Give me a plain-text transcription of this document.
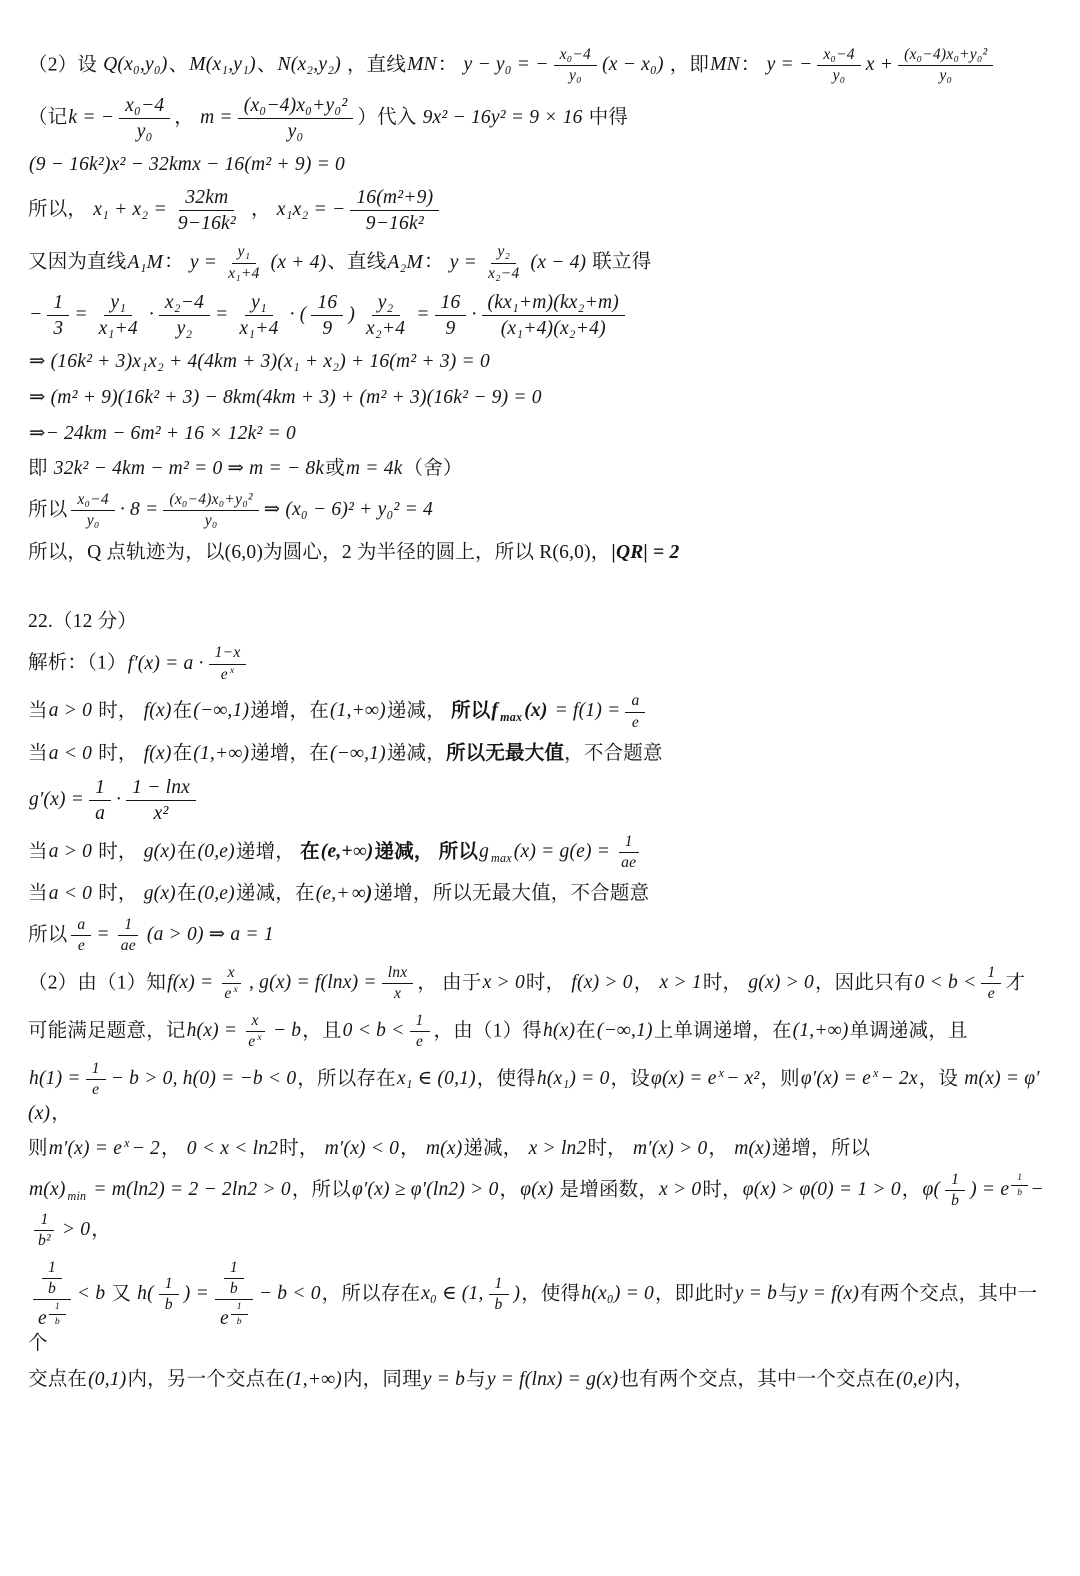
（2）设 Q(x₀,y₀)、M(x₁,y₁)、N(x₂,y₂) ，直线MN： y − y₀ = − $\frac{\text{x₀−4}}{\text{y₀}} (x - x_0)$ ，即MN： y = − $\frac{\text{x₀−4}}{\text{y₀}}$ $x + \frac{\text{(x₀−4)x₀+y₀²}}{\text{y₀}}$
（记k = − $\frac{\text{x₀−4}}{\text{y₀}}$ ， $m = \frac{\text{(x₀−4)x₀+y₀²}}{\text{y₀}}$ ）代入 9x² − 16y² = 9 × 16 中得
(9 − 16k²)x² − 32kmx − 16(m² + 9) = 0
所以， $x_1 + x_2 = \frac{32km}{\text{9−16k²}}$ ， x₁x₂ = − $\frac{\text{16(m²+9)}}{\text{9−16k²}}$
又因为直线A₁M： $y = \frac{\text{y₁}}{\text{x₁+4}} (x + 4)$、直线A₂M： $y = \frac{\text{y₂}}{\text{x₂−4}} (x - 4)$ 联立得
− $\frac{1}{3} = \frac{\text{y₁}}{\text{x₁+4}} \cdot \frac{\text{x₂−4}}{\text{y₂}} = \frac{\text{y₁}}{\text{x₁+4}}$ · ( $\frac{16}{9}$ ) $\frac{\text{y₂}}{\text{x₂+4}} = \frac{16}{9} \cdot \frac{\text{(kx₁+m)(kx₂+m)}}{\text{(x₁+4)(x₂+4)}}$
⇒ (16k² + 3)x₁x₂ + 4(4km + 3)(x₁ + x₂) + 16(m² + 3) = 0
⇒ (m² + 9)(16k² + 3) − 8km(4km + 3) + (m² + 3)(16k² − 9) = 0
⇒− 24km − 6m² + 16 × 12k² = 0
即 32k² − 4km − m² = 0 ⇒ m = − 8k或m = 4k（舍）
所以 $\frac{\text{x₀−4}}{\text{y₀}} \cdot 8 = \frac{\text{(x₀−4)x₀+y₀²}}{\text{y₀}}$ ⇒ (x₀ − 6)² + y₀² = 4
所以，Q 点轨迹为，以(6,0)为圆心，2 为半径的圆上，所以 R(6,0)，|QR| = 2
22.（12 分）
解析：$(1)f'(x) = a \cdot \frac{1-x}{e ^x}$
当a > 0 时， f(x)在(−∞,1)递增，在(1,+∞)递减， 所以f $_{max}$ $(x) = f(1) = \frac{a}{e}$
当a < 0 时， f(x)在(1,+∞)递增，在(−∞,1)递减，所以无最大值，不合题意
$g'(x) = \frac{1}{a} \cdot \frac{1 - \ln x}{\text{x²}}$
当a > 0 时， g(x)在(0,e)递增， 在(e,+∞)递减， 所以g $_{max}$ $(x) = g(e) = \frac{1}{ae}$
当a < 0 时， g(x)在(0,e)递减，在(e,+ ∞)递增，所以无最大值，不合题意
所以 $\frac{a}{e} = \frac{1}{ae} (a > 0)$ ⇒ a = 1
（2）由（1）知$f(x) = \frac{x}{e ^x}$ , $g(x) = f(\ln x) = \frac{\ln x}{x}$ ， 由于x > 0时， f(x) > 0， x > 1时， g(x) > 0，因此只有$0 < b < \frac{1}{e}$ 才
可能满足题意，记$h(x) = \frac{x}{e ^x} - b$，且$0 < b < \frac{1}{e}$ ，由（1）得h(x)在(−∞,1)上单调递增，在(1,+∞)单调递减，且
$h(1) = \frac{1}{e} - b > 0$, h(0) = −b < 0，所以存在x₁ ∈ (0,1)，使得h(x₁) = 0，设φ(x) = e $^x$ − x²，则φ′(x) = e $^x$ − 2x，设 m(x) = φ′(x)，
则m′(x) = e $^x$ − 2， 0 < x < ln2时， m′(x) < 0， m(x)递减， x > ln2时， m′(x) > 0， m(x)递增，所以
m(x) $_{min}$ = m(ln2) = 2 − 2ln2 > 0，所以φ′(x) ≥ φ′(ln2) > 0，φ(x) 是增函数，x > 0时，φ(x) > φ(0) = 1 > 0，$\varphi( \frac{1}{b}$ ) = e $^{\frac{1}{b}}$ −
$\frac{1}{\text{b²}} > 0$，
$\frac{1}{b}$
e $^{\frac{1}{b}}$ < b 又 $h( \frac{1}{b}$ ) = $\frac{1}{b}$
e $^{\frac{1}{b}}$ − b < 0，所以存在x₀ ∈ (1, $\frac{1}{b}$ )，使得h(x₀) = 0，即此时y = b与y = f(x)有两个交点，其中一个
交点在(0,1)内，另一个交点在(1,+∞)内，同理y = b与y = f(lnx) = g(x)也有两个交点，其中一个交点在(0,e)内，
